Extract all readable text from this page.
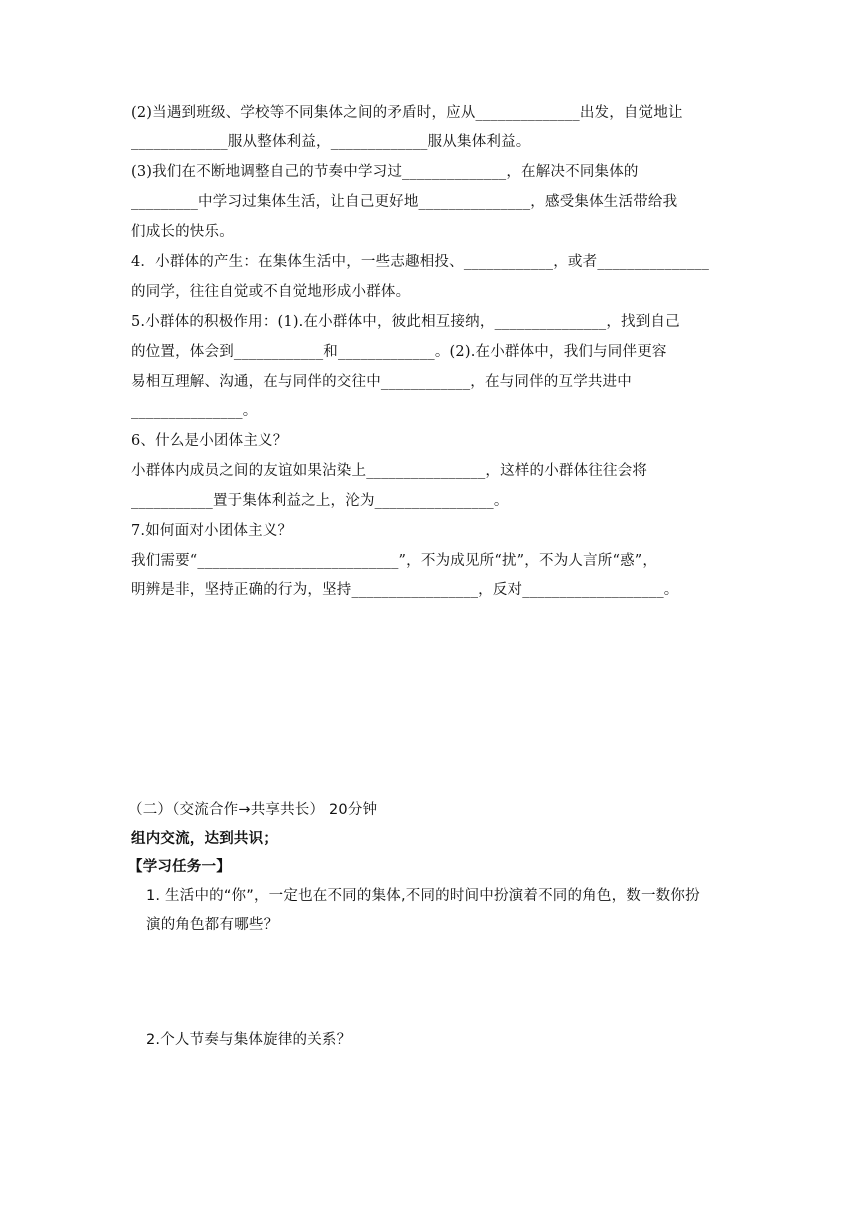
(2)当遇到班级、学校等不同集体之间的矛盾时，应从______________出发，自觉地让
_____________服从整体利益，_____________服从集体利益。
(3)我们在不断地调整自己的节奏中学习过______________，在解决不同集体的
_________中学习过集体生活，让自己更好地_______________，感受集体生活带给我
们成长的快乐。
4．小群体的产生：在集体生活中，一些志趣相投、____________，或者_______________
的同学，往往自觉或不自觉地形成小群体。
5.小群体的积极作用：(1).在小群体中，彼此相互接纳，_______________，找到自己
的位置，体会到____________和_____________。(2).在小群体中，我们与同伴更容
易相互理解、沟通，在与同伴的交往中____________，在与同伴的互学共进中
_______________。
6、什么是小团体主义？
小群体内成员之间的友谊如果沾染上________________，这样的小群体往往会将
___________置于集体利益之上，沦为________________。
7.如何面对小团体主义？
我们需要“___________________________”，不为成见所“扰”，不为人言所“惑”，
明辨是非，坚持正确的行为，坚持_________________，反对___________________。
（二）（交流合作→共享共长） 20分钟
组内交流，达到共识；
【学习任务一】
1. 生活中的“你”，一定也在不同的集体,不同的时间中扮演着不同的角色，数一数你扮
演的角色都有哪些？
2.个人节奏与集体旋律的关系？
